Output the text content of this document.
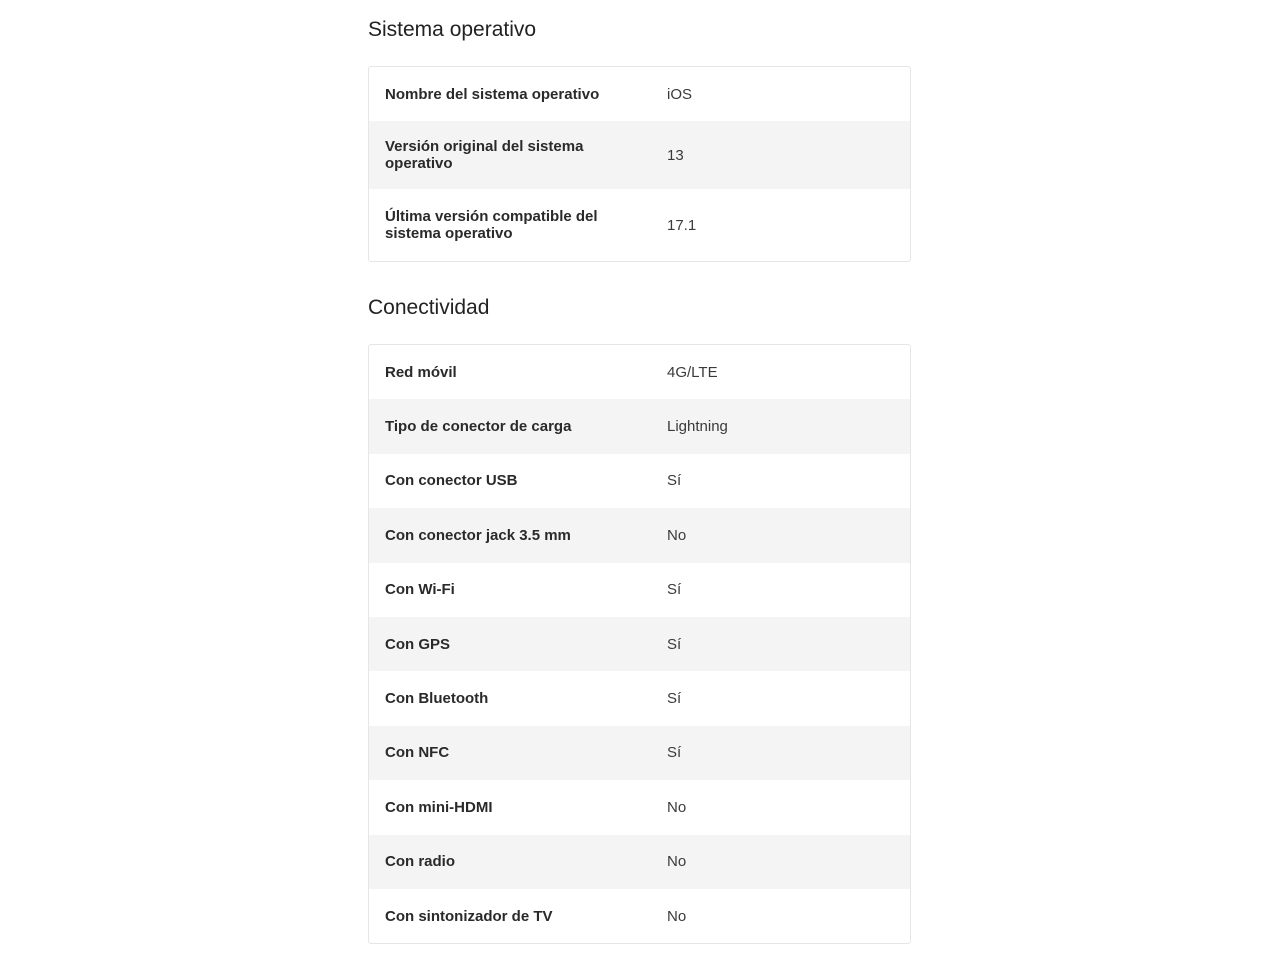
Sistema operativo
Nombre del sistema operativo	iOS
Versión original del sistema operativo	13
Última versión compatible del sistema operativo	17.1
Conectividad
Red móvil	4G/LTE
Tipo de conector de carga	Lightning
Con conector USB	Sí
Con conector jack 3.5 mm	No
Con Wi-Fi	Sí
Con GPS	Sí
Con Bluetooth	Sí
Con NFC	Sí
Con mini-HDMI	No
Con radio	No
Con sintonizador de TV	No
